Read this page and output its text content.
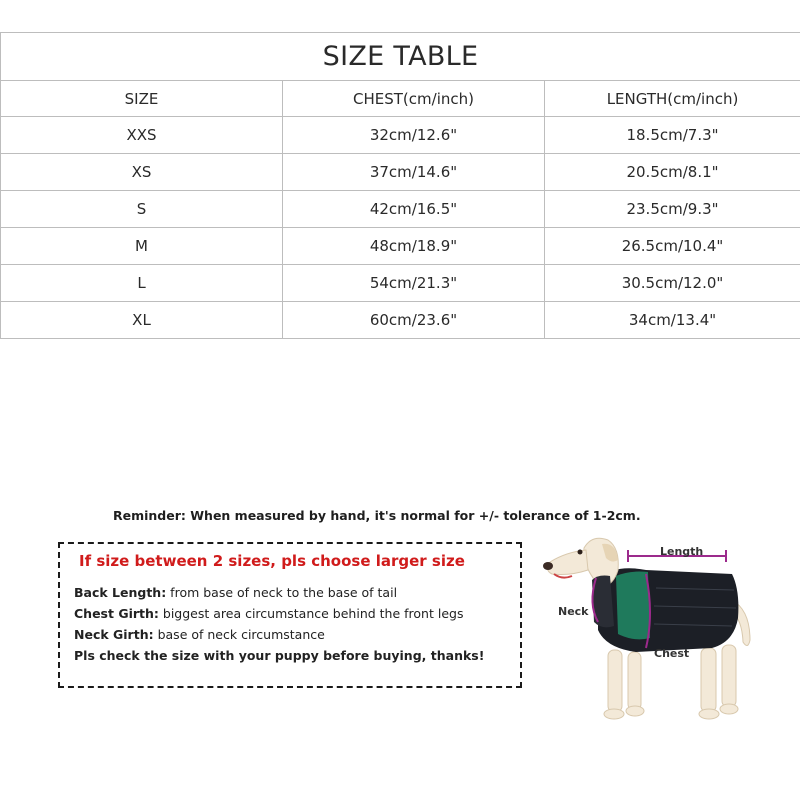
SIZE TABLE		
SIZE	CHEST(cm/inch)	LENGTH(cm/inch)
XXS	32cm/12.6"	18.5cm/7.3"
XS	37cm/14.6"	20.5cm/8.1"
S	42cm/16.5"	23.5cm/9.3"
M	48cm/18.9"	26.5cm/10.4"
L	54cm/21.3"	30.5cm/12.0"
XL	60cm/23.6"	34cm/13.4"
Reminder: When measured by hand, it's normal for +/- tolerance of 1-2cm.
If size between 2 sizes, pls choose larger size
Back Length: from base of neck to the base of tail
Chest Girth: biggest area circumstance behind the front legs
Neck Girth: base of neck circumstance
Pls check the size with your puppy before buying, thanks!
Length
Neck
Chest
